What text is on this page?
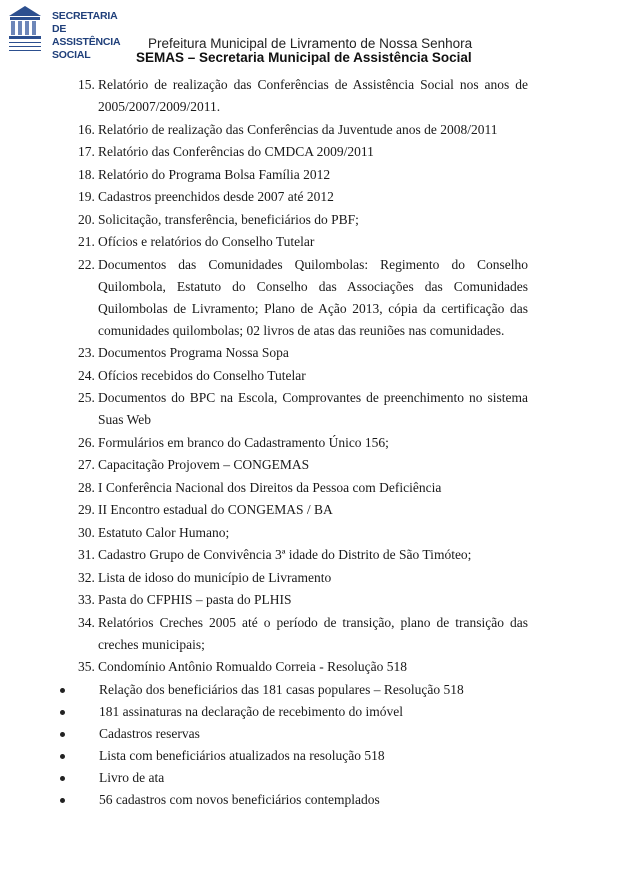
SECRETARIA DE
ASSISTÊNCIA SOCIAL
Prefeitura Municipal de Livramento de Nossa Senhora
SEMAS – Secretaria Municipal de Assistência Social
15. Relatório de realização das Conferências de Assistência Social nos anos de 2005/2007/2009/2011.
16. Relatório de realização das Conferências da Juventude anos de 2008/2011
17. Relatório das Conferências do CMDCA 2009/2011
18. Relatório do Programa Bolsa Família 2012
19. Cadastros preenchidos desde 2007 até 2012
20. Solicitação, transferência, beneficiários do PBF;
21. Ofícios e relatórios do Conselho Tutelar
22. Documentos das Comunidades Quilombolas: Regimento do Conselho Quilombola, Estatuto do Conselho das Associações das Comunidades Quilombolas de Livramento; Plano de Ação 2013, cópia da certificação das comunidades quilombolas; 02 livros de atas das reuniões nas comunidades.
23. Documentos Programa Nossa Sopa
24. Ofícios recebidos do Conselho Tutelar
25. Documentos do BPC na Escola, Comprovantes de preenchimento no sistema Suas Web
26. Formulários em branco do Cadastramento Único 156;
27. Capacitação Projovem – CONGEMAS
28. I Conferência Nacional dos Direitos da Pessoa com Deficiência
29. II Encontro estadual do CONGEMAS / BA
30. Estatuto Calor Humano;
31. Cadastro Grupo de Convivência 3ª idade do Distrito de São Timóteo;
32. Lista de idoso do município de Livramento
33. Pasta do CFPHIS – pasta do PLHIS
34. Relatórios Creches 2005 até o período de transição, plano de transição das creches municipais;
35. Condomínio Antônio Romualdo Correia - Resolução 518
Relação dos beneficiários das 181 casas populares – Resolução 518
181 assinaturas na declaração de recebimento do imóvel
Cadastros reservas
Lista com beneficiários atualizados na resolução 518
Livro de ata
56 cadastros com novos beneficiários contemplados
